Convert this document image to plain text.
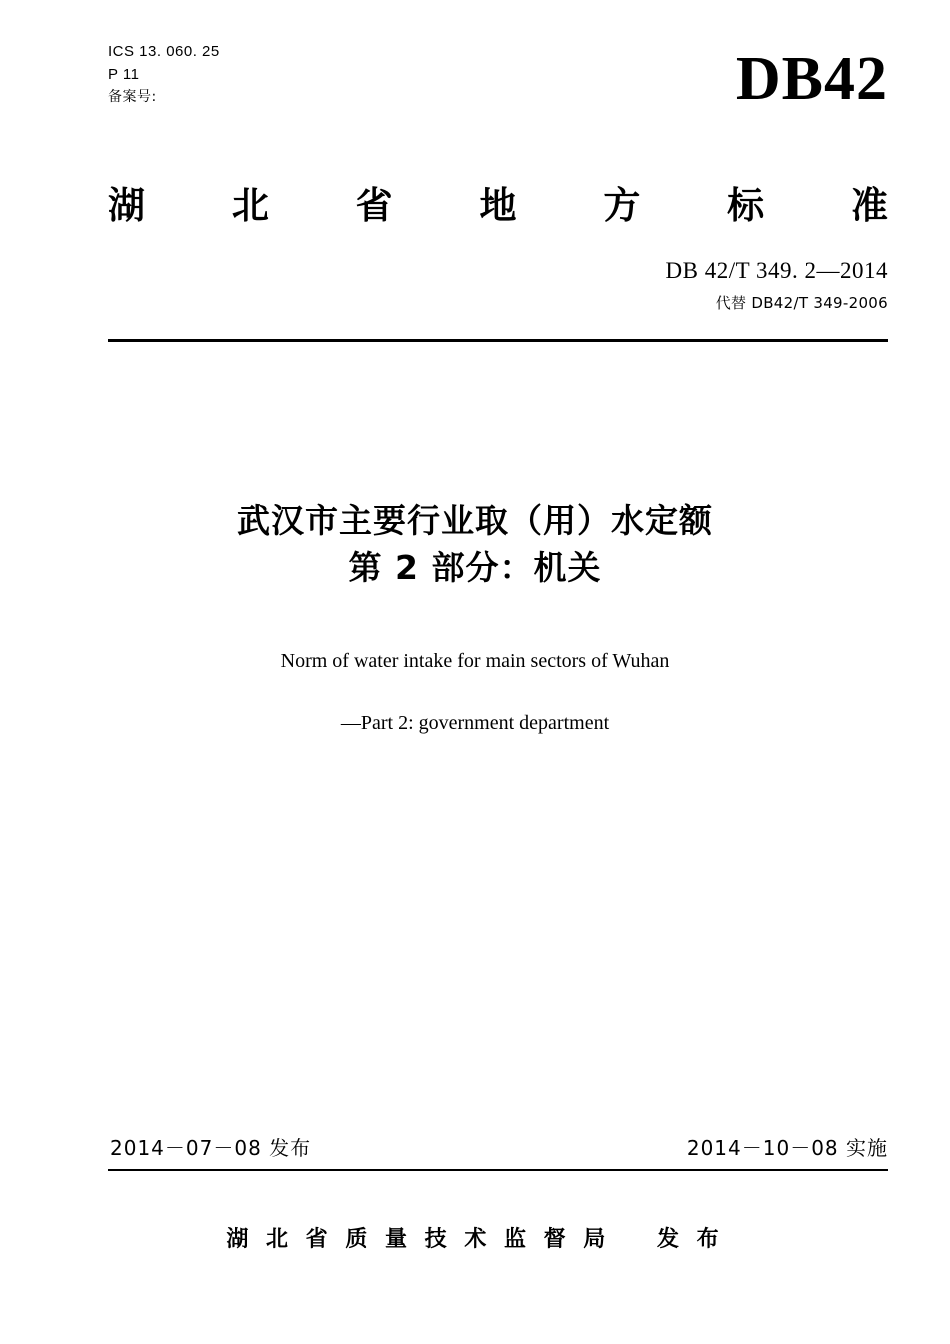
ICS 13. 060. 25
P 11
备案号:	DB42
湖 北 省 地 方 标 准
DB 42/T 349. 2—2014
代替 DB42/T 349-2006
武汉市主要行业取（用）水定额
第 2 部分：机关
Norm of water intake for main sectors of Wuhan
—Part 2: government department
2014－07－08 发布	2014－10－08 实施
湖 北 省 质 量 技 术 监 督 局 发 布
